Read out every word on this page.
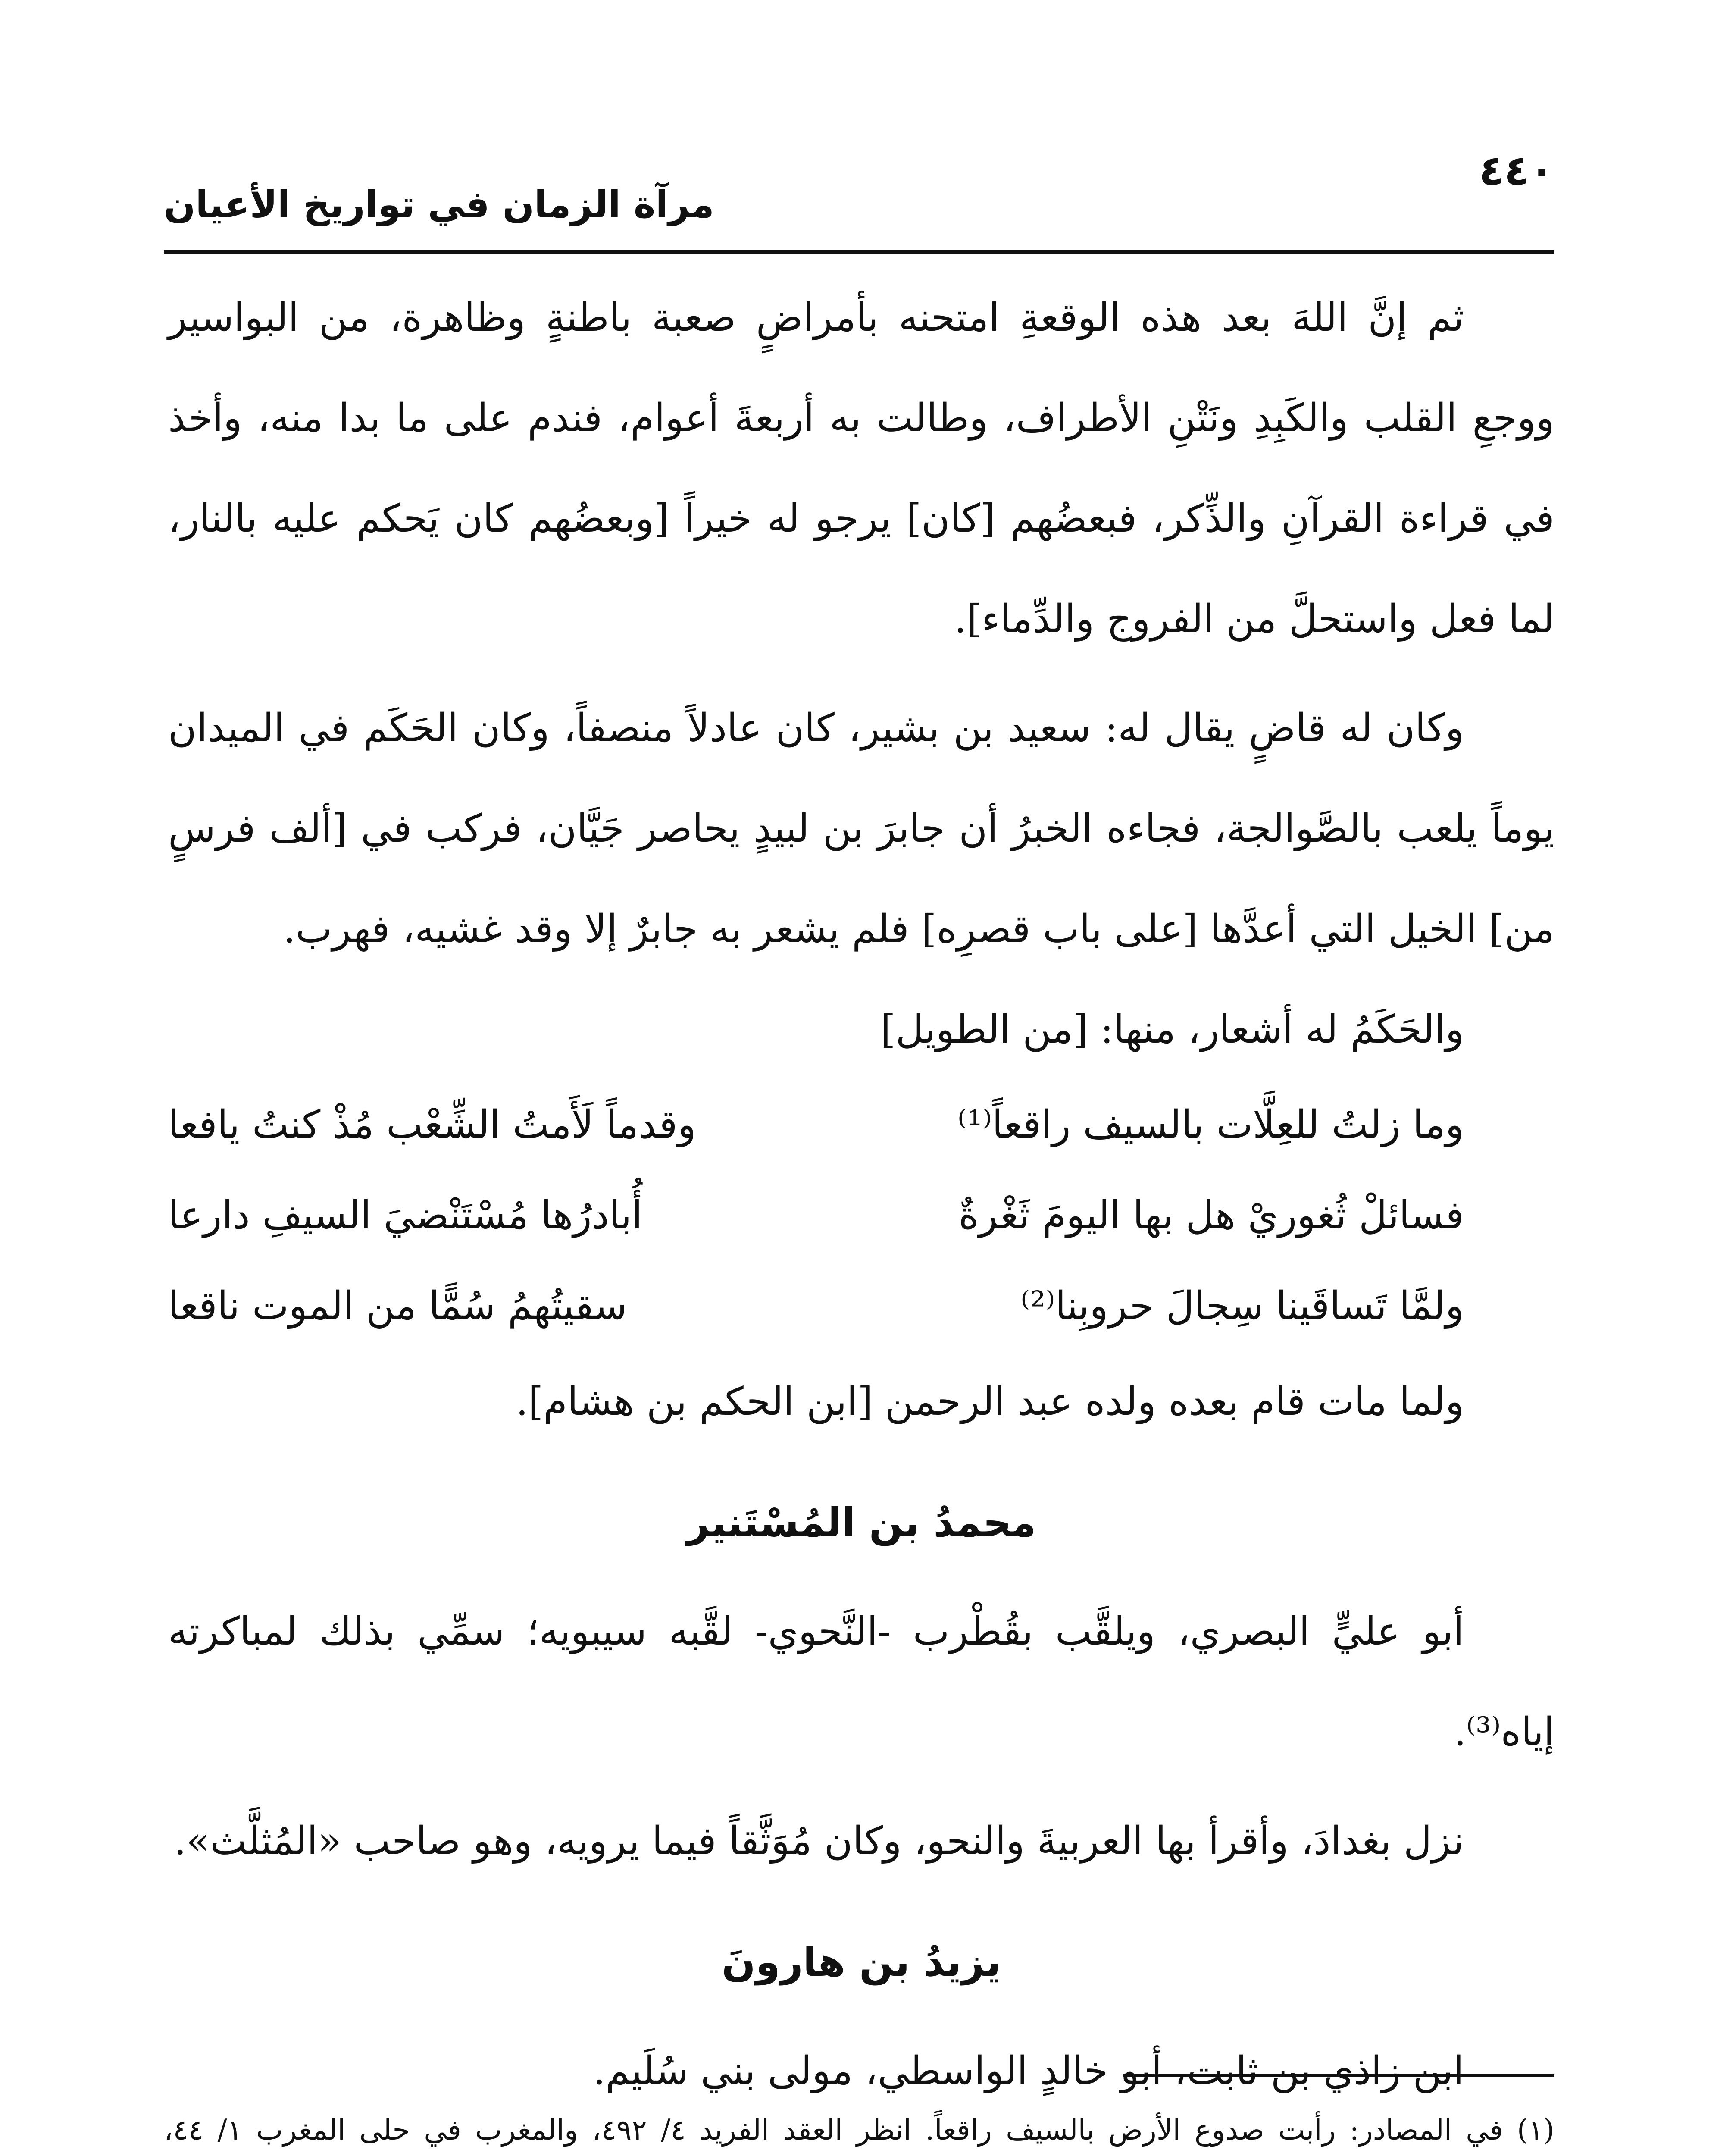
٤٤٠
مرآة الزمان في تواريخ الأعيان

ثم إنَّ اللهَ بعد هذه الوقعةِ امتحنه بأمراضٍ صعبة باطنةٍ وظاهرة، من البواسير ووجعِ القلب والكَبِدِ ونَتْنِ الأطراف، وطالت به أربعةَ أعوام، فندم على ما بدا منه، وأخذ في قراءة القرآنِ والذِّكر، فبعضُهم [كان] يرجو له خيراً [وبعضُهم كان يَحكم عليه بالنار، لما فعل واستحلَّ من الفروج والدِّماء].

وكان له قاضٍ يقال له: سعيد بن بشير، كان عادلاً منصفاً، وكان الحَكَم في الميدان يوماً يلعب بالصَّوالجة، فجاءه الخبرُ أن جابرَ بن لبيدٍ يحاصر جَيَّان، فركب في [ألف فرسٍ من] الخيل التي أعدَّها [على باب قصرِه] فلم يشعر به جابرٌ إلا وقد غشيه، فهرب.

والحَكَمُ له أشعار، منها: [من الطويل]

وما زلتُ للعِلَّات بالسيف راقعاً⁽¹⁾
وقدماً لَأَمتُ الشِّعْب مُذْ كنتُ يافعا
فسائلْ ثُغوريْ هل بها اليومَ ثَغْرةٌ
أُبادرُها مُسْتَنْضيَ السيفِ دارعا
ولمَّا تَساقَينا سِجالَ حروبِنا⁽²⁾
سقيتُهمُ سُمًّا من الموت ناقعا

ولما مات قام بعده ولده عبد الرحمن [ابن الحكم بن هشام].

محمدُ بن المُسْتَنير

أبو عليٍّ البصري، ويلقَّب بقُطْرب -النَّحوي- لقَّبه سيبويه؛ سمِّي بذلك لمباكرته إياه⁽³⁾.

نزل بغدادَ، وأقرأ بها العربيةَ والنحو، وكان مُوَثَّقاً فيما يرويه، وهو صاحب «المُثلَّث».

يزيدُ بن هارونَ

ابن زاذي بن ثابت، أبو خالدٍ الواسطي، مولى بني سُلَيم.

(١) في المصادر: رأبت صدوع الأرض بالسيف راقعاً. انظر العقد الفريد ٤/ ٤٩٢، والمغرب في حلى المغرب ١/ ٤٤،
